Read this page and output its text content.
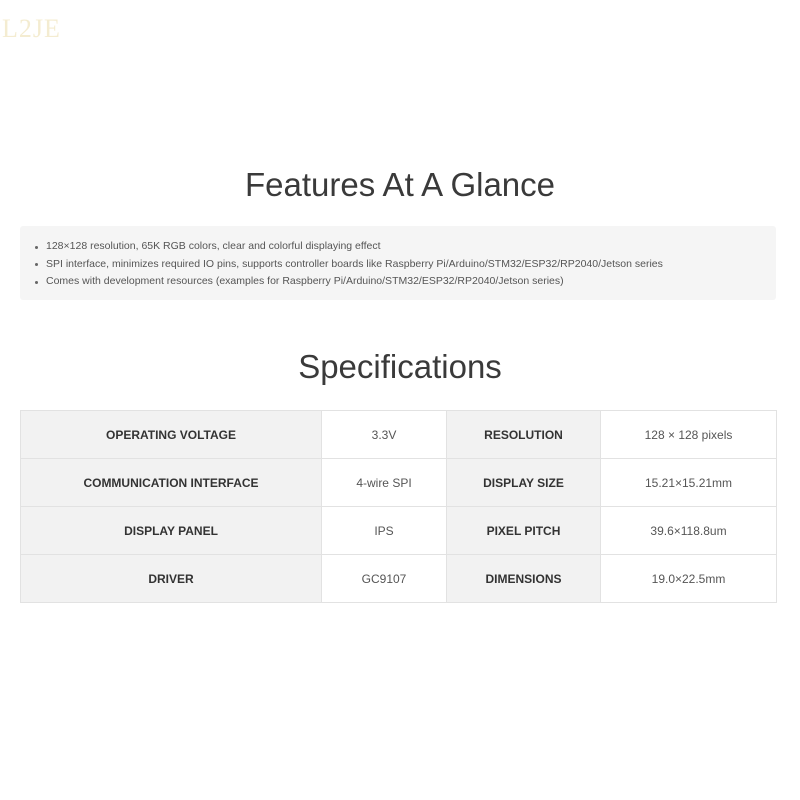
L2JE
Features At A Glance
128×128 resolution, 65K RGB colors, clear and colorful displaying effect
SPI interface, minimizes required IO pins, supports controller boards like Raspberry Pi/Arduino/STM32/ESP32/RP2040/Jetson series
Comes with development resources (examples for Raspberry Pi/Arduino/STM32/ESP32/RP2040/Jetson series)
Specifications
OPERATING VOLTAGE	3.3V	RESOLUTION	128 × 128 pixels
COMMUNICATION INTERFACE	4-wire SPI	DISPLAY SIZE	15.21×15.21mm
DISPLAY PANEL	IPS	PIXEL PITCH	39.6×118.8um
DRIVER	GC9107	DIMENSIONS	19.0×22.5mm
